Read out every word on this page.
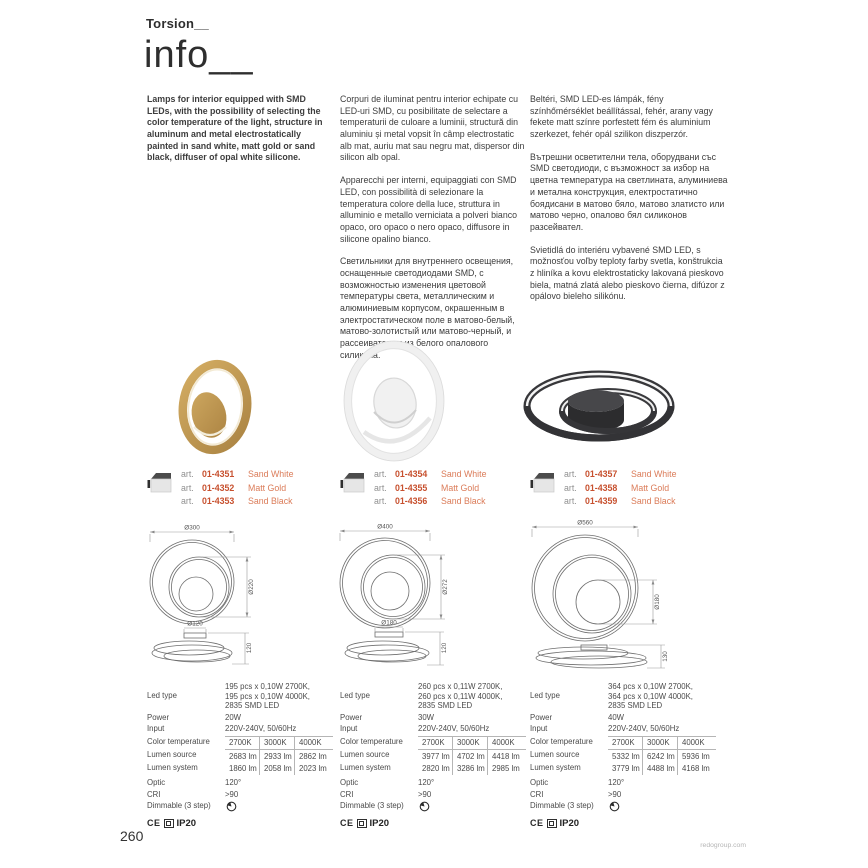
Torsion__
info__

Lamps for interior equipped with SMD LEDs, with the possibility of selecting the color temperature of the light, structure in aluminum and metal electrostatically painted in sand white, matt gold or sand black, diffuser of opal white silicone.

art. 01-4351	Sand White
art. 01-4352	Matt Gold
art. 01-4353	Sand Black
Ø300
Ø220
Ø120
120
Led type
195 pcs x 0,10W 2700K,
195 pcs x 0,10W 4000K,
2835 SMD LED
Power	20W
Input	220V-240V, 50/60Hz
Color temperature	2700K	3000K	4000K
Lumen source	2683 lm 2933 lm 2862 lm
Lumen system	1860 lm 2058 lm 2023 lm
Optic	120°
CRI	>90
Dimmable (3 step)
CE IP20

Corpuri de iluminat pentru interior echipate cu LED-uri SMD, cu posibilitate de selectare a temperaturii de culoare a luminii, structură din aluminiu și metal vopsit în câmp electrostatic alb mat, auriu mat sau negru mat, dispersor din silicon alb opal.

Apparecchi per interni, equipaggiati con SMD LED, con possibilità di selezionare la temperatura colore della luce, struttura in alluminio e metallo verniciata a polveri bianco opaco, oro opaco o nero opaco, diffusore in silicone opalino bianco.

Светильники для внутреннего освещения, оснащенные светодиодами SMD, с возможностью изменения цветовой температуры света, металлическим и алюминиевым корпусом, окрашенным в электростатическом поле в матово-белый, матово-золотистый или матово-черный, и рассеивателем из белого опалового силикона.

art. 01-4354	Sand White
art. 01-4355	Matt Gold
art. 01-4356	Sand Black
Ø400
Ø272
Ø180
120
Led type
260 pcs x 0,11W 2700K,
260 pcs x 0,11W 4000K,
2835 SMD LED
Power	30W
Input	220V-240V, 50/60Hz
Color temperature	2700K	3000K	4000K
Lumen source	3977 lm 4702 lm 4418 lm
Lumen system	2820 lm 3286 lm 2985 lm
Optic	120°
CRI	>90
Dimmable (3 step)
CE IP20

Beltéri, SMD LED-es lámpák, fény színhőmérséklet beállítással, fehér, arany vagy fekete matt színre porfestett fém és aluminium szerkezet, fehér opál szilikon diszperzór.

Вътрешни осветителни тела, оборудвани със SMD светодиоди, с възможност за избор на цветна температура на светлината, алуминиева и метална конструкция, електростатично боядисани в матово бяло, матово златисто или матово черно, опалово бял силиконов разсейвател.

Svietidlá do interiéru vybavené SMD LED, s možnosťou voľby teploty farby svetla, konštrukcia z hliníka a kovu elektrostaticky lakovaná pieskovo biela, matná zlatá alebo pieskovo čierna, difúzor z opálovo bieleho silikónu.

art. 01-4357	Sand White
art. 01-4358	Matt Gold
art. 01-4359	Sand Black
Ø560
Ø180
130
Led type
364 pcs x 0,10W 2700K,
364 pcs x 0,10W 4000K,
2835 SMD LED
Power	40W
Input	220V-240V, 50/60Hz
Color temperature	2700K	3000K	4000K
Lumen source	5332 lm 6242 lm 5936 lm
Lumen system	3779 lm 4488 lm 4168 lm
Optic	120°
CRI	>90
Dimmable (3 step)
CE IP20
260
redogroup.com
